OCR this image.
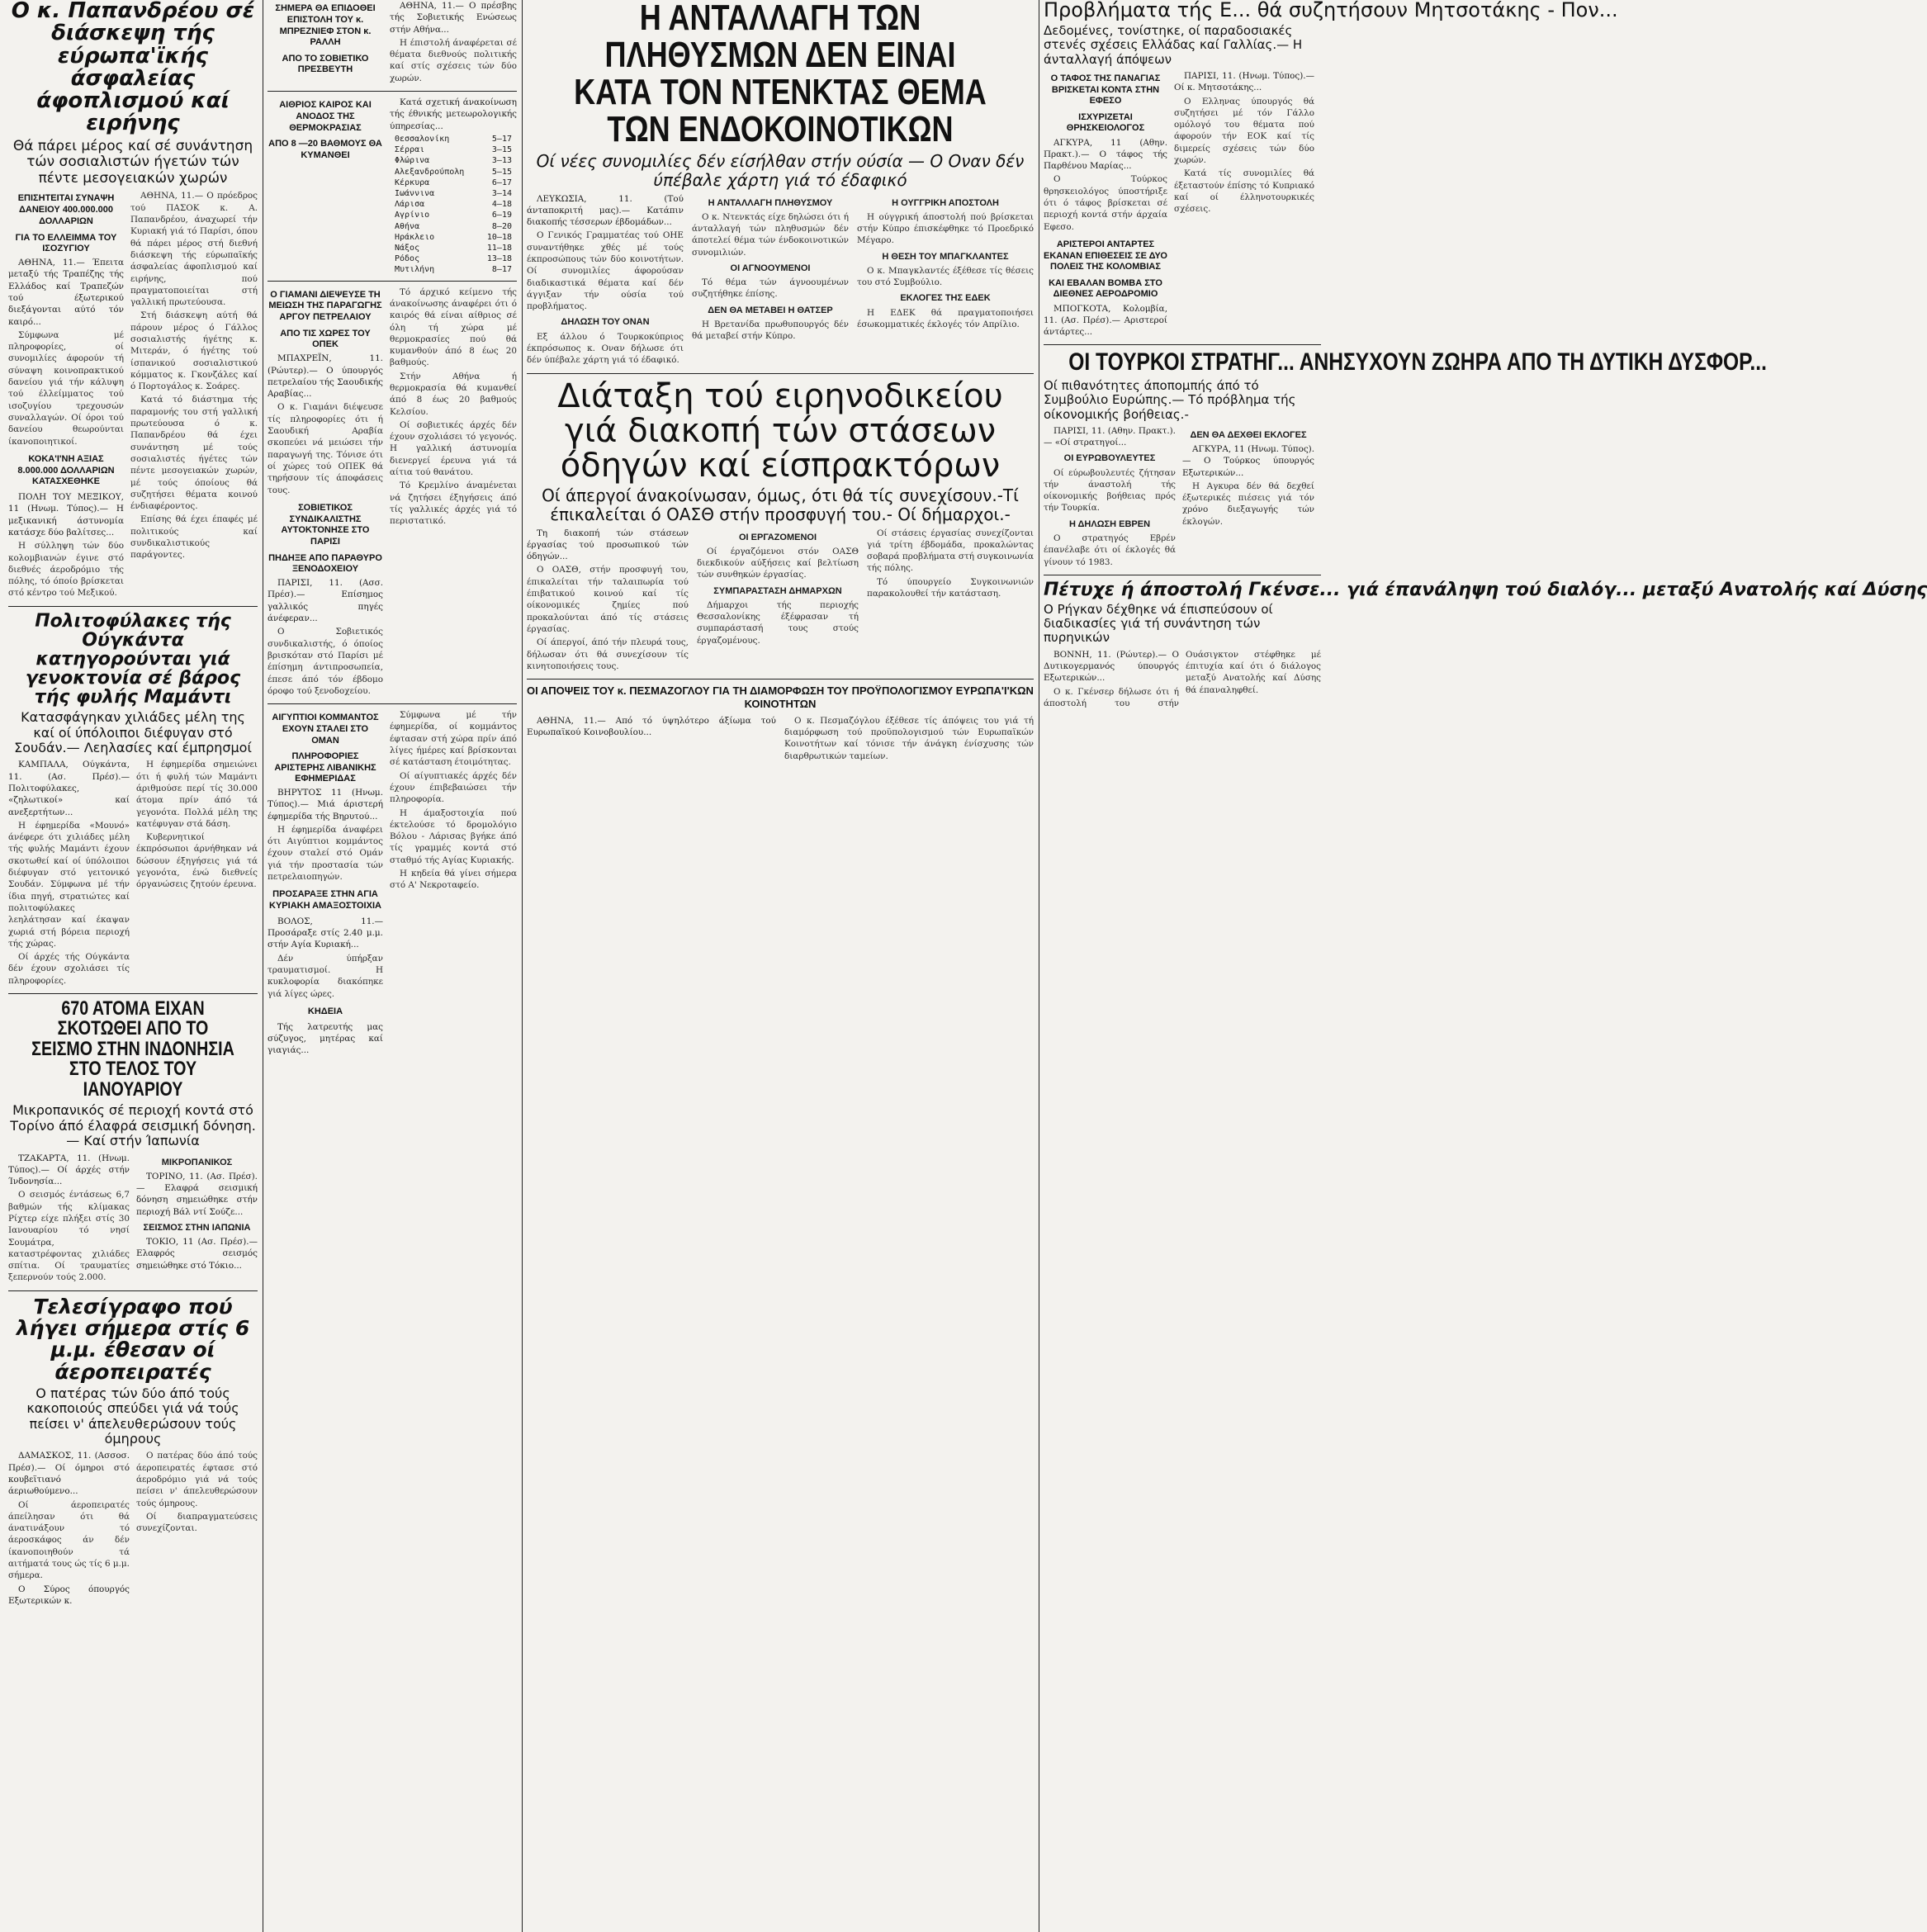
Ο κ. Παπανδρέου σέ διάσκεψη τής εύρωπα'ϊκής άσφαλείας άφοπλισμού καί ειρήνης

Θά πάρει μέρος καί σέ συνάντηση τών σοσιαλιστών ήγετών τών πέντε μεσογειακών χωρών

ΕΠΙΣΗΤΕΙΤΑΙ ΣΥΝΑΨΗ ΔΑΝΕΙΟΥ 400.000.000 ΔΟΛΛΑΡΙΩΝ
ΓΙΑ ΤΟ ΕΛΛΕΙΜΜΑ ΤΟΥ ΙΣΟΖΥΓΙΟΥ

ΑΘΗΝΑ, 11.— Έπειτα μεταξύ τής Τραπέζης τής Ελλάδος καί Τραπεζών τού έξωτερικού διεξάγονται αύτό τόν καιρό...

Σύμφωνα μέ πληροφορίες, οί συνομιλίες άφορούν τή σύναψη κοινοπρακτικού δανείου γιά τήν κάλυψη τού έλλείμματος τού ισοζυγίου τρεχουσών συναλλαγών. Οί όροι τού δανείου θεωρούνται ίκανοποιητικοί.

ΚΟΚΑ'Ι'ΝΗ ΑΞΙΑΣ 8.000.000 ΔΟΛΛΑΡΙΩΝ ΚΑΤΑΣΧΕΘΗΚΕ

ΠΟΛΗ ΤΟΥ ΜΕΞΙΚΟΥ, 11 (Ηνωμ. Τύπος).— Η μεξικανική άστυνομία κατάσχε δύο βαλίτσες...

Η σύλληψη τών δύο κολομβιανών έγινε στό διεθνές άεροδρόμιο τής πόλης, τό όποίο βρίσκεται στό κέντρο τού Μεξικού.

ΑΘΗΝΑ, 11.— Ο πρόεδρος τού ΠΑΣΟΚ κ. Α. Παπανδρέου, άναχωρεί τήν Κυριακή γιά τό Παρίσι, όπου θά πάρει μέρος στή διεθνή διάσκεψη τής εύρωπαϊκής άσφαλείας άφοπλισμού καί ειρήνης, πού πραγματοποιείται στή γαλλική πρωτεύουσα.

Στή διάσκεψη αύτή θά πάρουν μέρος ό Γάλλος σοσιαλιστής ήγέτης κ. Μιτεράν, ό ήγέτης τού ίσπανικού σοσιαλιστικού κόμματος κ. Γκονζάλες καί ό Πορτογάλος κ. Σοάρες.

Κατά τό διάστημα τής παραμονής του στή γαλλική πρωτεύουσα ό κ. Παπανδρέου θά έχει συνάντηση μέ τούς σοσιαλιστές ήγέτες τών πέντε μεσογειακών χωρών, μέ τούς όποίους θά συζητήσει θέματα κοινού ένδιαφέροντος.

Επίσης θά έχει έπαφές μέ πολιτικούς καί συνδικαλιστικούς παράγοντες.

Πολιτοφύλακες τής Ούγκάντα κατηγορούνται γιά γενοκτονία σέ βάρος τής φυλής Μαμάντι

Κατασφάγηκαν χιλιάδες μέλη της καί οί ύπόλοιποι διέφυγαν στό Σουδάν.— Λεηλασίες καί έμπρησμοί

ΚΑΜΠΑΛΑ, Ούγκάντα, 11. (Ασ. Πρέσ).— Πολιτοφύλακες, «ζηλωτικοί» καί ανεξερτήτων...

Η έφημερίδα «Μουνό» άνέφερε ότι χιλιάδες μέλη τής φυλής Μαμάντι έχουν σκοτωθεί καί οί ύπόλοιποι διέφυγαν στό γειτονικό Σουδάν. Σύμφωνα μέ τήν ίδια πηγή, στρατιώτες καί πολιτοφύλακες λεηλάτησαν καί έκαψαν χωριά στή βόρεια περιοχή τής χώρας.

Οί άρχές τής Ούγκάντα δέν έχουν σχολιάσει τίς πληροφορίες.

Η έφημερίδα σημειώνει ότι ή φυλή τών Μαμάντι άριθμούσε περί τίς 30.000 άτομα πρίν άπό τά γεγονότα. Πολλά μέλη της κατέφυγαν στά δάση.

Κυβερνητικοί έκπρόσωποι άρνήθηκαν νά δώσουν έξηγήσεις γιά τά γεγονότα, ένώ διεθνείς όργανώσεις ζητούν έρευνα.

670 ΑΤΟΜΑ ΕΙΧΑΝ ΣΚΟΤΩΘΕΙ ΑΠΟ ΤΟ ΣΕΙΣΜΟ ΣΤΗΝ ΙΝΔΟΝΗΣΙΑ ΣΤΟ ΤΕΛΟΣ ΤΟΥ ΙΑΝΟΥΑΡΙΟΥ

Μικροπανικός σέ περιοχή κοντά στό Τορίνο άπό έλαφρά σεισμική δόνηση.— Καί στήν Ίαπωνία

ΤΖΑΚΑΡΤΑ, 11. (Ηνωμ. Τύπος).— Οί άρχές στήν Ίνδονησία...

Ο σεισμός έντάσεως 6,7 βαθμών τής κλίμακας Ρίχτερ είχε πλήξει στίς 30 Ιανουαρίου τό νησί Σουμάτρα, καταστρέφοντας χιλιάδες σπίτια. Οί τραυματίες ξεπερνούν τούς 2.000.

ΜΙΚΡΟΠΑΝΙΚΟΣ

ΤΟΡΙΝΟ, 11. (Ασ. Πρέσ).— Ελαφρά σεισμική δόνηση σημειώθηκε στήν περιοχή Βάλ ντί Σούζε...

ΣΕΙΣΜΟΣ ΣΤΗΝ ΙΑΠΩΝΙΑ

ΤΟΚΙΟ, 11 (Ασ. Πρέσ).— Ελαφρός σεισμός σημειώθηκε στό Τόκιο...

Τελεσίγραφο πού λήγει σήμερα στίς 6 μ.μ. έθεσαν οί άεροπειρατές

Ο πατέρας τών δύο άπό τούς κακοποιούς σπεύδει γιά νά τούς πείσει ν' άπελευθερώσουν τούς όμηρους

ΔΑΜΑΣΚΟΣ, 11. (Ασσοσ. Πρέσ).— Οί όμηροι στό κουβεϊτιανό άεριωθούμενο...

Οί άεροπειρατές άπείλησαν ότι θά άνατινάξουν τό άεροσκάφος άν δέν ίκανοποιηθούν τά αιτήματά τους ώς τίς 6 μ.μ. σήμερα.

Ο Σύρος όπουργός Εξωτερικών κ.

Ο πατέρας δύο άπό τούς άεροπειρατές έφτασε στό άεροδρόμιο γιά νά τούς πείσει ν' άπελευθερώσουν τούς όμηρους.

Οί διαπραγματεύσεις συνεχίζονται.

ΣΗΜΕΡΑ ΘΑ ΕΠΙΔΟΘΕΙ ΕΠΙΣΤΟΛΗ ΤΟΥ κ. ΜΠΡΕΖΝΙΕΦ ΣΤΟΝ κ. ΡΑΛΛΗ
ΑΠΟ ΤΟ ΣΟΒΙΕΤΙΚΟ ΠΡΕΣΒΕΥΤΗ

ΑΘΗΝΑ, 11.— Ο πρέσβης τής Σοβιετικής Ενώσεως στήν Αθήνα...

Η έπιστολή άναφέρεται σέ θέματα διεθνούς πολιτικής καί στίς σχέσεις τών δύο χωρών.

ΑΙΘΡΙΟΣ ΚΑΙΡΟΣ ΚΑΙ ΑΝΟΔΟΣ ΤΗΣ ΘΕΡΜΟΚΡΑΣΙΑΣ
ΑΠΟ 8 —20 ΒΑΘΜΟΥΣ ΘΑ ΚΥΜΑΝΘΕΙ

Κατά σχετική άνακοίνωση τής έθνικής μετεωρολογικής ύπηρεσίας...

Θεσσαλονίκη	5—17
Σέρραι	3—15
Φλώρινα	3—13
Αλεξανδρούπολη	5—15
Κέρκυρα	6—17
Ιωάννινα	3—14
Λάρισα	4—18
Αγρίνιο	6—19
Αθήνα	8—20
Ηράκλειο	10—18
Νάξος	11—18
Ρόδος	13—18
Μυτιλήνη	8—17
Ο ΓΙΑΜΑΝΙ ΔΙΕΨΕΥΣΕ ΤΗ ΜΕΙΩΣΗ ΤΗΣ ΠΑΡΑΓΩΓΗΣ ΑΡΓΟΥ ΠΕΤΡΕΛΑΙΟΥ
ΑΠΟ ΤΙΣ ΧΩΡΕΣ ΤΟΥ ΟΠΕΚ

ΜΠΑΧΡΕΪΝ, 11. (Ρώυτερ).— Ο ύπουργός πετρελαίου τής Σαουδικής Αραβίας...

Ο κ. Γιαμάνι διέψευσε τίς πληροφορίες ότι ή Σαουδική Αραβία σκοπεύει νά μειώσει τήν παραγωγή της. Τόνισε ότι οί χώρες τού ΟΠΕΚ θά τηρήσουν τίς άποφάσεις τους.

ΣΟΒΙΕΤΙΚΟΣ ΣΥΝΔΙΚΑΛΙΣΤΗΣ ΑΥΤΟΚΤΟΝΗΣΕ ΣΤΟ ΠΑΡΙΣΙ
ΠΗΔΗΞΕ ΑΠΟ ΠΑΡΑΘΥΡΟ ΞΕΝΟΔΟΧΕΙΟΥ

ΠΑΡΙΣΙ, 11. (Ασσ. Πρέσ).— Επίσημος γαλλικός πηγές άνέφεραν...

Ο Σοβιετικός συνδικαλιστής, ό όποίος βρισκόταν στό Παρίσι μέ έπίσημη άντιπροσωπεία, έπεσε άπό τόν έβδομο όροφο τού ξενοδοχείου.

Τό άρχικό κείμενο τής άνακοίνωσης άναφέρει ότι ό καιρός θά είναι αίθριος σέ όλη τή χώρα μέ θερμοκρασίες πού θά κυμανθούν άπό 8 έως 20 βαθμούς.

Στήν Αθήνα ή θερμοκρασία θά κυμανθεί άπό 8 έως 20 βαθμούς Κελσίου.

Οί σοβιετικές άρχές δέν έχουν σχολιάσει τό γεγονός. Η γαλλική άστυνομία διενεργεί έρευνα γιά τά αίτια τού θανάτου.

Τό Κρεμλίνο άναμένεται νά ζητήσει έξηγήσεις άπό τίς γαλλικές άρχές γιά τό περιστατικό.

ΑΙΓΥΠΤΙΟΙ ΚΟΜΜΑΝΤΟΣ ΕΧΟΥΝ ΣΤΑΛΕΙ ΣΤΟ ΟΜΑΝ
ΠΛΗΡΟΦΟΡΙΕΣ ΑΡΙΣΤΕΡΗΣ ΛΙΒΑΝΙΚΗΣ ΕΦΗΜΕΡΙΔΑΣ

ΒΗΡΥΤΟΣ 11 (Ηνωμ. Τύπος).— Μιά άριστερή έφημερίδα τής Βηρυτού...

Η έφημερίδα άναφέρει ότι Αιγύπτιοι κομμάντος έχουν σταλεί στό Ομάν γιά τήν προστασία τών πετρελαιοπηγών.

ΠΡΟΣΑΡΑΞΕ ΣΤΗΝ ΑΓΙΑ ΚΥΡΙΑΚΗ ΑΜΑΞΟΣΤΟΙΧΙΑ

ΒΟΛΟΣ, 11.— Προσάραξε στίς 2.40 μ.μ. στήν Αγία Κυριακή...

Δέν ύπήρξαν τραυματισμοί. Η κυκλοφορία διακόπηκε γιά λίγες ώρες.

ΚΗΔΕΙΑ

Τής λατρευτής μας σύζυγος, μητέρας καί γιαγιάς...

Σύμφωνα μέ τήν έφημερίδα, οί κομμάντος έφτασαν στή χώρα πρίν άπό λίγες ήμέρες καί βρίσκονται σέ κατάσταση έτοιμότητας.

Οί αίγυπτιακές άρχές δέν έχουν έπιβεβαιώσει τήν πληροφορία.

Η άμαξοστοιχία πού έκτελούσε τό δρομολόγιο Βόλου - Λάρισας βγήκε άπό τίς γραμμές κοντά στό σταθμό τής Αγίας Κυριακής.

Η κηδεία θά γίνει σήμερα στό Α' Νεκροταφείο.

Η ΑΝΤΑΛΛΑΓΗ ΤΩΝ ΠΛΗΘΥΣΜΩΝ ΔΕΝ ΕΙΝΑΙ ΚΑΤΑ ΤΟΝ ΝΤΕΝΚΤΑΣ ΘΕΜΑ ΤΩΝ ΕΝΔΟΚΟΙΝΟΤΙΚΩΝ

Οί νέες συνομιλίες δέν είσήλθαν στήν ούσία — Ο Οναν δέν ύπέβαλε χάρτη γιά τό έδαφικό

ΛΕΥΚΩΣΙΑ, 11. (Τού άνταποκριτή μας).— Κατάπιν διακοπής τέσσερων έβδομάδων...

Ο Γενικός Γραμματέας τού ΟΗΕ συναντήθηκε χθές μέ τούς έκπροσώπους τών δύο κοινοτήτων. Οί συνομιλίες άφορούσαν διαδικαστικά θέματα καί δέν άγγιξαν τήν ούσία τού προβλήματος.

ΔΗΛΩΣΗ ΤΟΥ ΟΝΑΝ

Εξ άλλου ό Τουρκοκύπριος έκπρόσωπος κ. Οναν δήλωσε ότι δέν ύπέβαλε χάρτη γιά τό έδαφικό.

Η ΑΝΤΑΛΛΑΓΗ ΠΛΗΘΥΣΜΟΥ

Ο κ. Ντενκτάς είχε δηλώσει ότι ή άνταλλαγή τών πληθυσμών δέν άποτελεί θέμα τών ένδοκοινοτικών συνομιλιών.

ΟΙ ΑΓΝΟΟΥΜΕΝΟΙ

Τό θέμα τών άγνοουμένων συζητήθηκε έπίσης.

ΔΕΝ ΘΑ ΜΕΤΑΒΕΙ Η ΘΑΤΣΕΡ

Η Βρετανίδα πρωθυπουργός δέν θά μεταβεί στήν Κύπρο.

Η ΟΥΓΓΡΙΚΗ ΑΠΟΣΤΟΛΗ

Η ούγγρική άποστολή πού βρίσκεται στήν Κύπρο έπισκέφθηκε τό Προεδρικό Μέγαρο.

Η ΘΕΣΗ ΤΟΥ ΜΠΑΓΚΛΑΝΤΕΣ

Ο κ. Μπαγκλαντές έξέθεσε τίς θέσεις του στό Συμβούλιο.

ΕΚΛΟΓΕΣ ΤΗΣ ΕΔΕΚ

Η ΕΔΕΚ θά πραγματοποιήσει έσωκομματικές έκλογές τόν Απρίλιο.

Διάταξη τού ειρηνοδικείου γιά διακοπή τών στάσεων όδηγών καί είσπρακτόρων

Οί άπεργοί άνακοίνωσαν, όμως, ότι θά τίς συνεχίσουν.-Τί έπικαλείται ό ΟΑΣΘ στήν προσφυγή του.- Οί δήμαρχοι.-

Τη διακοπή τών στάσεων έργασίας τού προσωπικού τών όδηγών...

Ο ΟΑΣΘ, στήν προσφυγή του, έπικαλείται τήν ταλαιπωρία τού έπιβατικού κοινού καί τίς οίκονομικές ζημίες πού προκαλούνται άπό τίς στάσεις έργασίας.

Οί άπεργοί, άπό τήν πλευρά τους, δήλωσαν ότι θά συνεχίσουν τίς κινητοποιήσεις τους.

ΟΙ ΕΡΓΑΖΟΜΕΝΟΙ

Οί έργαζόμενοι στόν ΟΑΣΘ διεκδικούν αύξήσεις καί βελτίωση τών συνθηκών έργασίας.

ΣΥΜΠΑΡΑΣΤΑΣΗ ΔΗΜΑΡΧΩΝ

Δήμαρχοι τής περιοχής Θεσσαλονίκης έξέφρασαν τή συμπαράστασή τους στούς έργαζομένους.

Οί στάσεις έργασίας συνεχίζονται γιά τρίτη έβδομάδα, προκαλώντας σοβαρά προβλήματα στή συγκοινωνία τής πόλης.

Τό ύπουργείο Συγκοινωνιών παρακολουθεί τήν κατάσταση.

ΟΙ ΑΠΟΨΕΙΣ ΤΟΥ κ. ΠΕΣΜΑΖΟΓΛΟΥ ΓΙΑ ΤΗ ΔΙΑΜΟΡΦΩΣΗ ΤΟΥ ΠΡΟΫΠΟΛΟΓΙΣΜΟΥ ΕΥΡΩΠΑ'Ι'ΚΩΝ ΚΟΙΝΟΤΗΤΩΝ

ΑΘΗΝΑ, 11.— Από τό ύψηλότερο άξίωμα τού Ευρωπαϊκού Κοινοβουλίου...

Ο κ. Πεσμαζόγλου έξέθεσε τίς άπόψεις του γιά τή διαμόρφωση τού προϋπολογισμού τών Ευρωπαϊκών Κοινοτήτων καί τόνισε τήν άνάγκη ένίσχυσης τών διαρθρωτικών ταμείων.

Προβλήματα τής Ε... θά συζητήσουν Μητσοτάκης - Πον...

Δεδομένες, τονίστηκε, οί παραδοσιακές στενές σχέσεις Ελλάδας καί Γαλλίας.— Η άνταλλαγή άπόψεων

Ο ΤΑΦΟΣ ΤΗΣ ΠΑΝΑΓΙΑΣ ΒΡΙΣΚΕΤΑΙ ΚΟΝΤΑ ΣΤΗΝ ΕΦΕΣΟ
ΙΣΧΥΡΙΖΕΤΑΙ ΘΡΗΣΚΕΙΟΛΟΓΟΣ

ΑΓΚΥΡΑ, 11 (Αθην. Πρακτ.).— Ο τάφος τής Παρθένου Μαρίας...

Ο Τούρκος θρησκειολόγος ύποστήριξε ότι ό τάφος βρίσκεται σέ περιοχή κοντά στήν άρχαία Εφεσο.

ΑΡΙΣΤΕΡΟΙ ΑΝΤΑΡΤΕΣ ΕΚΑΝΑΝ ΕΠΙΘΕΣΕΙΣ ΣΕ ΔΥΟ ΠΟΛΕΙΣ ΤΗΣ ΚΟΛΟΜΒΙΑΣ
ΚΑΙ ΕΒΑΛΑΝ ΒΟΜΒΑ ΣΤΟ ΔΙΕΘΝΕΣ ΑΕΡΟΔΡΟΜΙΟ

ΜΠΟΓΚΟΤΑ, Κολομβία, 11. (Ασ. Πρέσ).— Αριστεροί άντάρτες...

ΠΑΡΙΣΙ, 11. (Ηνωμ. Τύπος).— Οί κ. Μητσοτάκης...

Ο Ελληνας ύπουργός θά συζητήσει μέ τόν Γάλλο ομόλογό του θέματα πού άφορούν τήν ΕΟΚ καί τίς διμερείς σχέσεις τών δύο χωρών.

Κατά τίς συνομιλίες θά έξεταστούν έπίσης τό Κυπριακό καί οί έλληνοτουρκικές σχέσεις.

ΟΙ ΤΟΥΡΚΟΙ ΣΤΡΑΤΗΓ... ΑΝΗΣΥΧΟΥΝ ΖΩΗΡΑ ΑΠΟ ΤΗ ΔΥΤΙΚΗ ΔΥΣΦΟΡ...

Οί πιθανότητες άποπομπής άπό τό Συμβούλιο Ευρώπης.— Τό πρόβλημα τής οίκονομικής βοήθειας.-

ΠΑΡΙΣΙ, 11. (Αθην. Πρακτ.).— «Οί στρατηγοί...

ΟΙ ΕΥΡΩΒΟΥΛΕΥΤΕΣ

Οί εύρωβουλευτές ζήτησαν τήν άναστολή τής οίκονομικής βοήθειας πρός τήν Τουρκία.

Η ΔΗΛΩΣΗ ΕΒΡΕΝ

Ο στρατηγός Εβρέν έπανέλαβε ότι οί έκλογές θά γίνουν τό 1983.

ΔΕΝ ΘΑ ΔΕΧΘΕΙ ΕΚΛΟΓΕΣ

ΑΓΚΥΡΑ, 11 (Ηνωμ. Τύπος).— Ο Τούρκος ύπουργός Εξωτερικών...

Η Αγκυρα δέν θά δεχθεί έξωτερικές πιέσεις γιά τόν χρόνο διεξαγωγής τών έκλογών.

Πέτυχε ή άποστολή Γκένσε... γιά έπανάληψη τού διαλόγ... μεταξύ Ανατολής καί Δύσης

Ο Ρήγκαν δέχθηκε νά έπισπεύσουν οί διαδικασίες γιά τή συνάντηση τών πυρηνικών

ΒΟΝΝΗ, 11. (Ρώυτερ).— Ο Δυτικογερμανός ύπουργός Εξωτερικών...

Ο κ. Γκένσερ δήλωσε ότι ή άποστολή του στήν Ουάσιγκτον στέφθηκε μέ έπιτυχία καί ότι ό διάλογος μεταξύ Ανατολής καί Δύσης θά έπαναληφθεί.
